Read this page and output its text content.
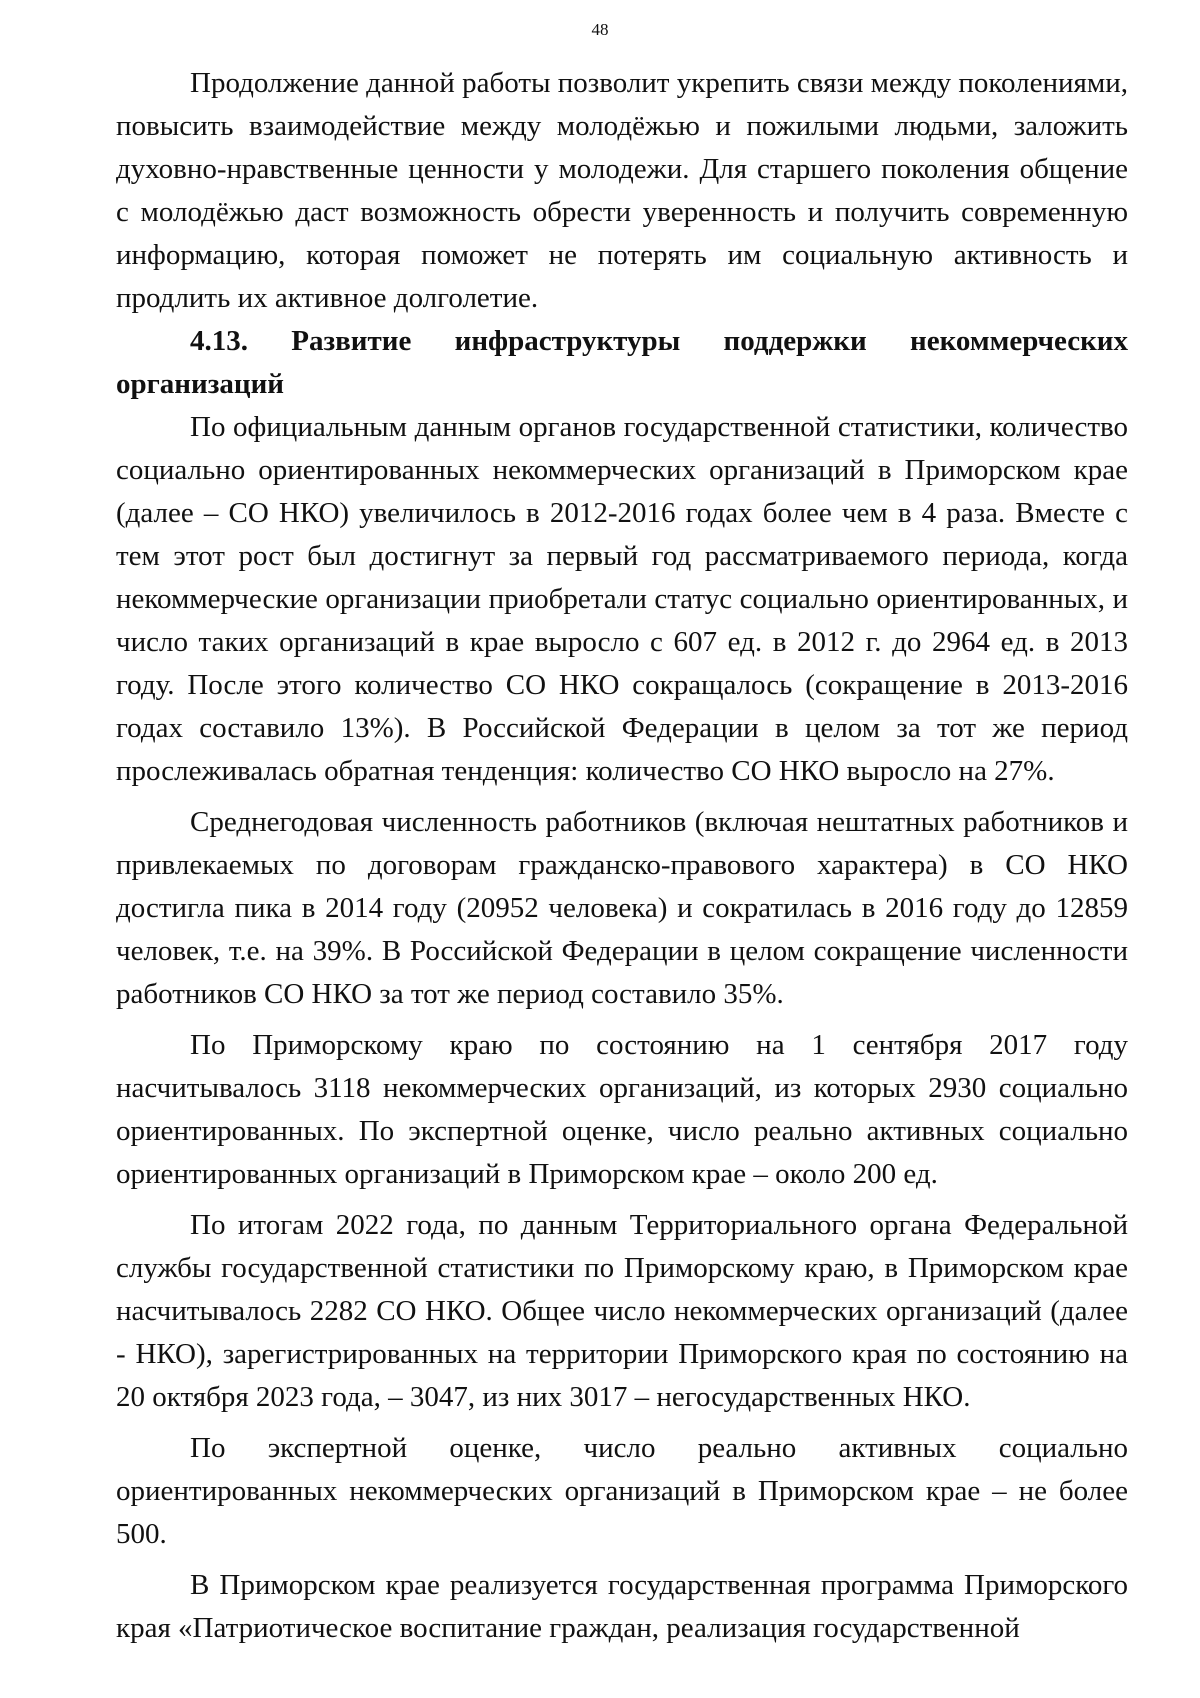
48

Продолжение данной работы позволит укрепить связи между поколениями, повысить взаимодействие между молодёжью и пожилыми людьми, заложить духовно-нравственные ценности у молодежи. Для старшего поколения общение с молодёжью даст возможность обрести уверенность и получить современную информацию, которая поможет не потерять им социальную активность и продлить их активное долголетие.

4.13. Развитие инфраструктуры поддержки некоммерческих организаций

По официальным данным органов государственной статистики, количество социально ориентированных некоммерческих организаций в Приморском крае (далее – СО НКО) увеличилось в 2012-2016 годах более чем в 4 раза. Вместе с тем этот рост был достигнут за первый год рассматриваемого периода, когда некоммерческие организации приобретали статус социально ориентированных, и число таких организаций в крае выросло с 607 ед. в 2012 г. до 2964 ед. в 2013 году. После этого количество СО НКО сокращалось (сокращение в 2013-2016 годах составило 13%). В Российской Федерации в целом за тот же период прослеживалась обратная тенденция: количество СО НКО выросло на 27%.

Среднегодовая численность работников (включая нештатных работников и привлекаемых по договорам гражданско-правового характера) в СО НКО достигла пика в 2014 году (20952 человека) и сократилась в 2016 году до 12859 человек, т.е. на 39%. В Российской Федерации в целом сокращение численности работников СО НКО за тот же период составило 35%.

По Приморскому краю по состоянию на 1 сентября 2017 году насчитывалось 3118 некоммерческих организаций, из которых 2930 социально ориентированных. По экспертной оценке, число реально активных социально ориентированных организаций в Приморском крае – около 200 ед.

По итогам 2022 года, по данным Территориального органа Федеральной службы государственной статистики по Приморскому краю, в Приморском крае насчитывалось 2282 СО НКО. Общее число некоммерческих организаций (далее - НКО), зарегистрированных на территории Приморского края по состоянию на 20 октября 2023 года, – 3047, из них 3017 – негосударственных НКО.

По экспертной оценке, число реально активных социально ориентированных некоммерческих организаций в Приморском крае – не более 500.

В Приморском крае реализуется государственная программа Приморского края «Патриотическое воспитание граждан, реализация государственной
